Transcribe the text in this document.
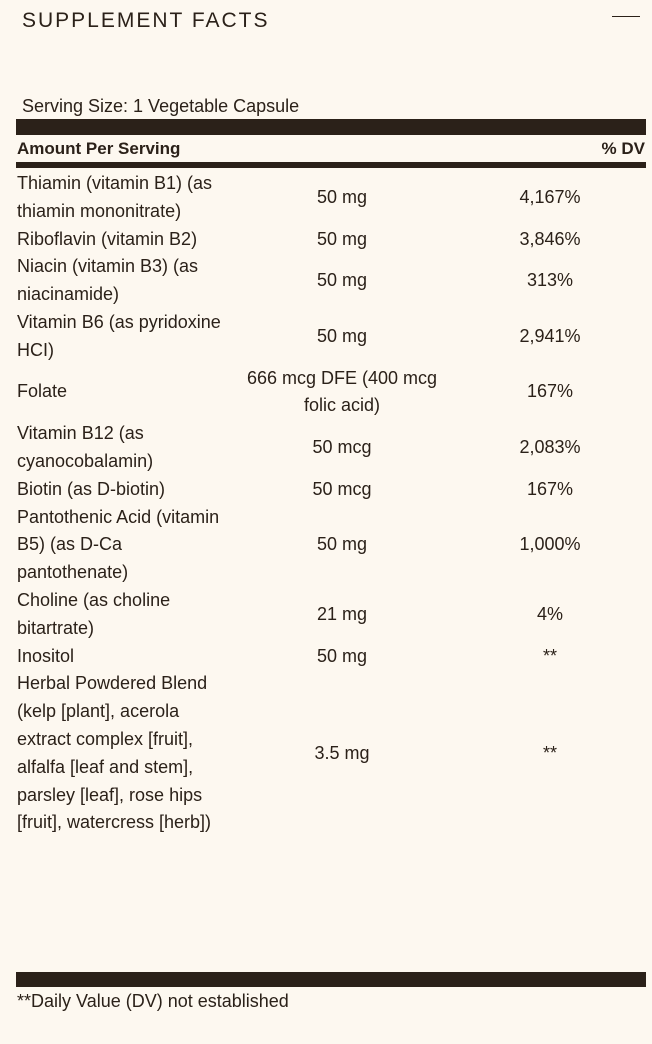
SUPPLEMENT FACTS
Serving Size: 1 Vegetable Capsule
Amount Per Serving	% DV
Thiamin (vitamin B1) (as thiamin mononitrate)	50 mg	4,167%
Riboflavin (vitamin B2)	50 mg	3,846%
Niacin (vitamin B3) (as niacinamide)	50 mg	313%
Vitamin B6 (as pyridoxine HCI)	50 mg	2,941%
Folate	666 mcg DFE (400 mcg folic acid)	167%
Vitamin B12 (as cyanocobalamin)	50 mcg	2,083%
Biotin (as D-biotin)	50 mcg	167%
Pantothenic Acid (vitamin B5) (as D-Ca pantothenate)	50 mg	1,000%
Choline (as choline bitartrate)	21 mg	4%
Inositol	50 mg	**

Herbal Powdered Blend
(kelp [plant], acerola extract complex [fruit], alfalfa [leaf and stem], parsley [leaf], rose hips [fruit], watercress [herb])	3.5 mg	**
**Daily Value (DV) not established
